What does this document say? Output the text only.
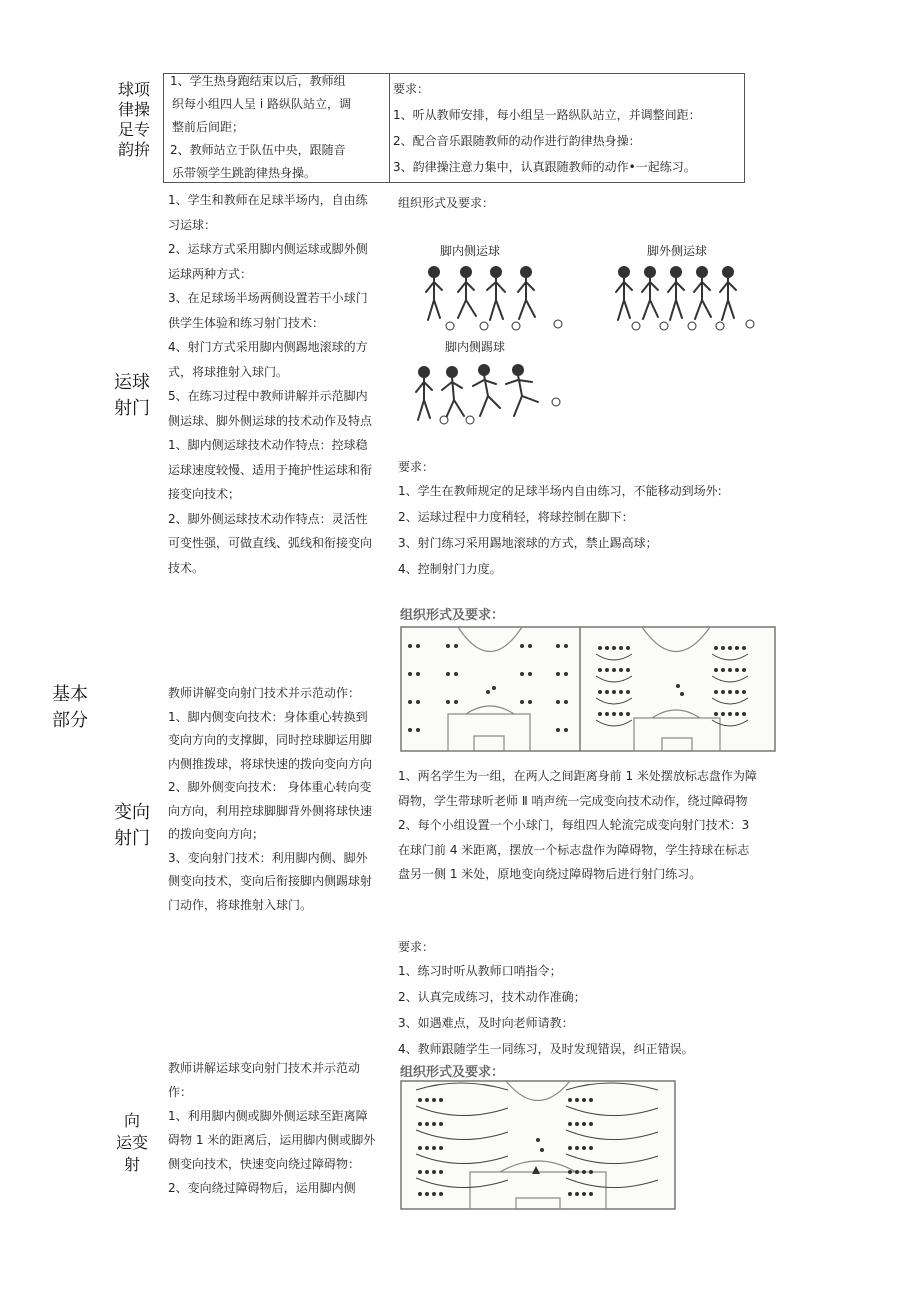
球项
律操
足专
韵拚

1、学生热身跑结束以后，教师组

织每小组四人呈 i 路纵队站立，调

整前后间距；

2、教师站立于队伍中央，跟随音

乐带领学生跳韵律热身操。

要求：

1、听从教师安排，每小组呈一路纵队站立，并调整间距：

2、配合音乐跟随教师的动作进行韵律热身操：

3、韵律操注意力集中，认真跟随教师的动作•一起练习。

运球
射门

1、学生和教师在足球半场内，自由练

习运球：

2、运球方式采用脚内侧运球或脚外侧

运球两种方式：

3、在足球场半场两侧设置若干小球门

供学生体验和练习射门技术：

4、射门方式采用脚内侧踢地滚球的方

式，将球推射入球门。

5、在练习过程中教师讲解并示范脚内

侧运球、脚外侧运球的技术动作及特点

1、脚内侧运球技术动作特点：控球稳

运球速度较慢、适用于掩护性运球和衔

接变向技术；

2、脚外侧运球技术动作特点：灵活性

可变性强，可做直线、弧线和衔接变向

技术。

组织形式及要求：
脚内侧运球	脚外侧运球
脚内侧踢球
要求：

1、学生在教师规定的足球半场内自由练习，不能移动到场外:

2、运球过程中力度稍轻，将球控制在脚下：

3、射门练习采用踢地滚球的方式，禁止踢高球；

4、控制射门力度。

基本
部分
组织形式及要求：
变向
射门

教师讲解变向射门技术并示范动作：

1、脚内侧变向技术：身体重心转换到

变向方向的支撑脚，同时控球脚运用脚

内侧推拨球，将球快速的拨向变向方向

2、脚外侧变向技术： 身体重心转向变

向方向，利用控球脚脚背外侧将球快速

的拨向变向方向；

3、变向射门技术：利用脚内侧、脚外

侧变向技术，变向后衔接脚内侧踢球射

门动作，将球推射入球门。

1、两名学生为一组，在两人之间距离身前 1 米处摆放标志盘作为障

碍物，学生带球听老师 Ⅱ 哨声统一完成变向技术动作，绕过障碍物

2、每个小组设置一个小球门，每组四人轮流完成变向射门技术：3

在球门前 4 米距离，摆放一个标志盘作为障碍物，学生持球在标志

盘另一侧 1 米处，原地变向绕过障碍物后进行射门练习。

要求：

1、练习时听从教师口哨指令；

2、认真完成练习，技术动作准确；

3、如遇难点，及时向老师请教：

4、教师跟随学生一同练习，及时发现错误，纠正错误。

组织形式及要求：
向
运变
射

教师讲解运球变向射门技术并示范动

作：

1、利用脚内侧或脚外侧运球至距离障

碍物 1 米的距离后，运用脚内侧或脚外

侧变向技术，快速变向绕过障碍物：

2、变向绕过障碍物后，运用脚内侧
